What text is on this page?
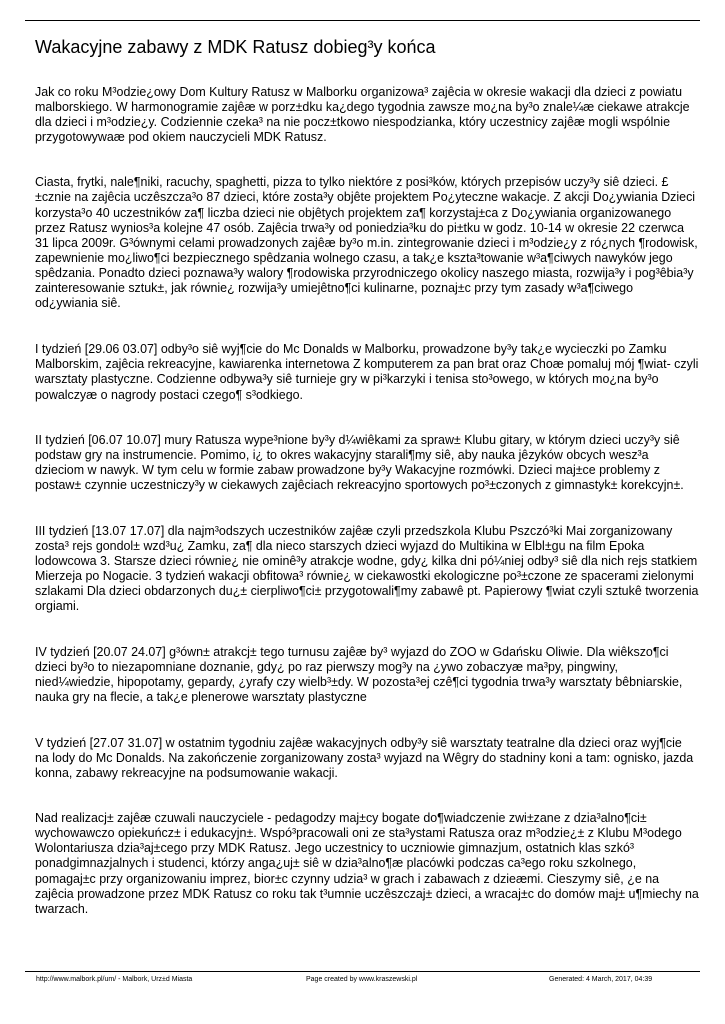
Wakacyjne zabawy z MDK Ratusz dobieg³y końca

Jak co roku M³odzie¿owy Dom Kultury Ratusz w Malborku organizowa³ zajêcia w okresie wakacji dla dzieci z powiatu malborskiego. W harmonogramie zajêæ w porz±dku ka¿dego tygodnia zawsze mo¿na by³o znale¼æ ciekawe atrakcje dla dzieci i m³odzie¿y. Codziennie czeka³ na nie pocz±tkowo niespodzianka, który uczestnicy zajêæ mogli wspólnie przygotowywaæ pod okiem nauczycieli MDK Ratusz.

Ciasta, frytki, nale¶niki, racuchy, spaghetti, pizza to tylko niektóre z posi³ków, których przepisów uczy³y siê dzieci. £±cznie na zajêcia uczêszcza³o 87 dzieci, które zosta³y objête projektem Po¿yteczne wakacje. Z akcji Do¿ywiania Dzieci korzysta³o 40 uczestników za¶ liczba dzieci nie objêtych projektem za¶ korzystaj±ca z Do¿ywiania organizowanego przez Ratusz wynios³a kolejne 47 osób. Zajêcia trwa³y od poniedzia³ku do pi±tku w godz. 10-14 w okresie 22 czerwca 31 lipca 2009r. G³ównymi celami prowadzonych zajêæ by³o m.in. zintegrowanie dzieci i m³odzie¿y z ró¿nych ¶rodowisk, zapewnienie mo¿liwo¶ci bezpiecznego spêdzania wolnego czasu, a tak¿e kszta³towanie w³a¶ciwych nawyków jego spêdzania. Ponadto dzieci poznawa³y walory ¶rodowiska przyrodniczego okolicy naszego miasta, rozwija³y i pog³êbia³y zainteresowanie sztuk±, jak równie¿ rozwija³y umiejêtno¶ci kulinarne, poznaj±c przy tym zasady w³a¶ciwego od¿ywiania siê.

I tydzień [29.06 03.07] odby³o siê wyj¶cie do Mc Donalds w Malborku, prowadzone by³y tak¿e wycieczki po Zamku Malborskim, zajêcia rekreacyjne, kawiarenka internetowa Z komputerem za pan brat oraz Choæ pomaluj mój ¶wiat- czyli warsztaty plastyczne. Codzienne odbywa³y siê turnieje gry w pi³karzyki i tenisa sto³owego, w których mo¿na by³o powalczyæ o nagrody postaci czego¶ s³odkiego.

II tydzień [06.07 10.07] mury Ratusza wype³nione by³y d¼wiêkami za spraw± Klubu gitary, w którym dzieci uczy³y siê podstaw gry na instrumencie. Pomimo, i¿ to okres wakacyjny starali¶my siê, aby nauka jêzyków obcych wesz³a dzieciom w nawyk. W tym celu w formie zabaw prowadzone by³y Wakacyjne rozmówki. Dzieci maj±ce problemy z postaw± czynnie uczestniczy³y w ciekawych zajêciach rekreacyjno sportowych po³±czonych z gimnastyk± korekcyjn±.

III tydzień [13.07 17.07] dla najm³odszych uczestników zajêæ czyli przedszkola Klubu Pszczó³ki Mai zorganizowany zosta³ rejs gondol± wzd³u¿ Zamku, za¶ dla nieco starszych dzieci wyjazd do Multikina w Elbl±gu na film Epoka lodowcowa 3. Starsze dzieci równie¿ nie ominê³y atrakcje wodne, gdy¿ kilka dni pó¼niej odby³ siê dla nich rejs statkiem Mierzeja po Nogacie. 3 tydzień wakacji obfitowa³ równie¿ w ciekawostki ekologiczne po³±czone ze spacerami zielonymi szlakami Dla dzieci obdarzonych du¿± cierpliwo¶ci± przygotowali¶my zabawê pt. Papierowy ¶wiat czyli sztukê tworzenia orgiami.

IV tydzień [20.07 24.07] g³ówn± atrakcj± tego turnusu zajêæ by³ wyjazd do ZOO w Gdańsku Oliwie. Dla wiêkszo¶ci dzieci by³o to niezapomniane doznanie, gdy¿ po raz pierwszy mog³y na ¿ywo zobaczyæ ma³py, pingwiny, nied¼wiedzie, hipopotamy, gepardy, ¿yrafy czy wielb³±dy. W pozosta³ej czê¶ci tygodnia trwa³y warsztaty bêbniarskie, nauka gry na flecie, a tak¿e plenerowe warsztaty plastyczne

V tydzień [27.07 31.07] w ostatnim tygodniu zajêæ wakacyjnych odby³y siê warsztaty teatralne dla dzieci oraz wyj¶cie na lody do Mc Donalds. Na zakończenie zorganizowany zosta³ wyjazd na Wêgry do stadniny koni a tam: ognisko, jazda konna, zabawy rekreacyjne na podsumowanie wakacji.

Nad realizacj± zajêæ czuwali nauczyciele - pedagodzy maj±cy bogate do¶wiadczenie zwi±zane z dzia³alno¶ci± wychowawczo opiekuńcz± i edukacyjn±. Wspó³pracowali oni ze sta³ystami Ratusza oraz m³odzie¿± z Klubu M³odego Wolontariusza dzia³aj±cego przy MDK Ratusz. Jego uczestnicy to uczniowie gimnazjum, ostatnich klas szkó³ ponadgimnazjalnych i studenci, którzy anga¿uj± siê w dzia³alno¶æ placówki podczas ca³ego roku szkolnego, pomagaj±c przy organizowaniu imprez, bior±c czynny udzia³ w grach i zabawach z dzieæmi. Cieszymy siê, ¿e na zajêcia prowadzone przez MDK Ratusz co roku tak t³umnie uczêszczaj± dzieci, a wracaj±c do domów maj± u¶miechy na twarzach.

http://www.malbork.pl/um/ - Malbork, Urz±d Miasta	Page created by www.kraszewski.pl	Generated: 4 March, 2017, 04:39
